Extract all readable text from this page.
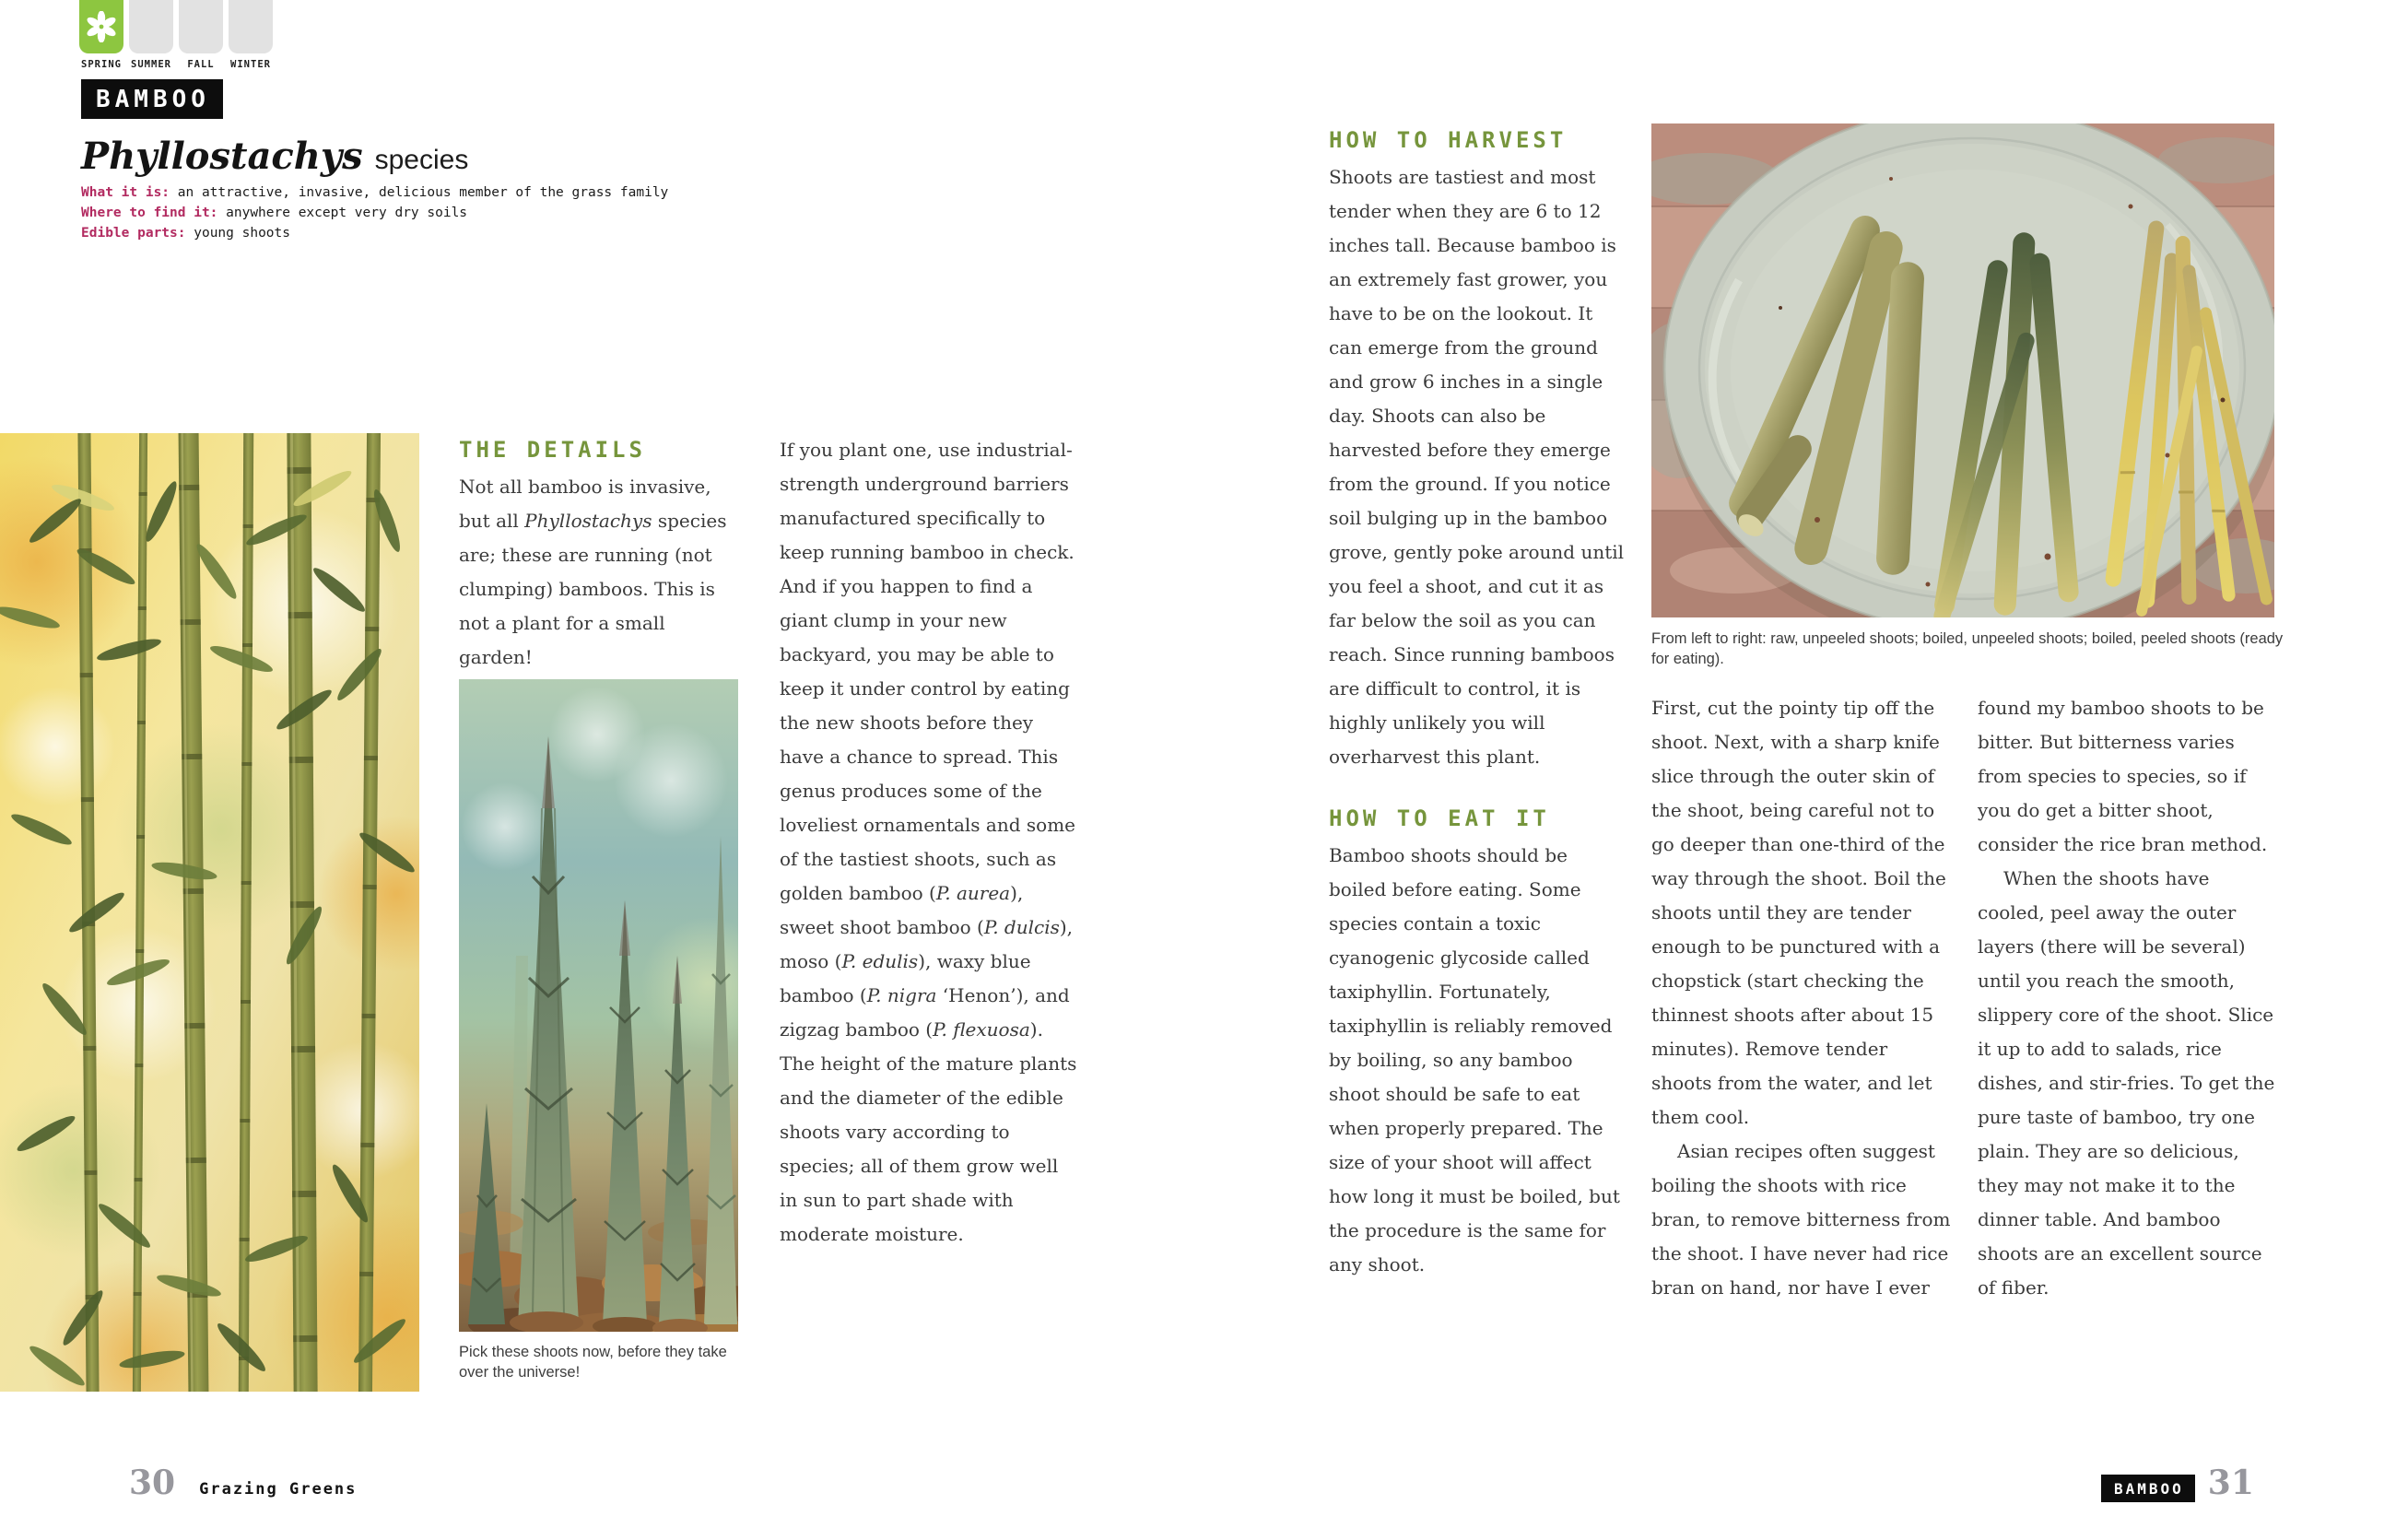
SPRING SUMMER FALL WINTER
BAMBOO
Phyllostachys species
What it is: an attractive, invasive, delicious member of the grass family
Where to find it: anywhere except very dry soils
Edible parts: young shoots
THE DETAILS

Not all bamboo is invasive, but all Phyllostachys species are; these are running (not clumping) bamboos. This is not a plant for a small garden!

Pick these shoots now, before they take over the universe!

If you plant one, use industrial-strength underground barriers manufactured specifically to keep running bamboo in check. And if you happen to find a giant clump in your new backyard, you may be able to keep it under control by eating the new shoots before they have a chance to spread. This genus produces some of the loveliest ornamentals and some of the tastiest shoots, such as golden bamboo (P. aurea), sweet shoot bamboo (P. dulcis), moso (P. edulis), waxy blue bamboo (P. nigra ‘Henon’), and zigzag bamboo (P. flexuosa). The height of the mature plants and the diameter of the edible shoots vary according to species; all of them grow well in sun to part shade with moderate moisture.

HOW TO HARVEST

Shoots are tastiest and most tender when they are 6 to 12 inches tall. Because bamboo is an extremely fast grower, you have to be on the lookout. It can emerge from the ground and grow 6 inches in a single day. Shoots can also be harvested before they emerge from the ground. If you notice soil bulging up in the bamboo grove, gently poke around until you feel a shoot, and cut it as far below the soil as you can reach. Since running bamboos are difficult to control, it is highly unlikely you will overharvest this plant.

HOW TO EAT IT

Bamboo shoots should be boiled before eating. Some species contain a toxic cyanogenic glycoside called taxiphyllin. Fortunately, taxiphyllin is reliably removed by boiling, so any bamboo shoot should be safe to eat when properly prepared. The size of your shoot will affect how long it must be boiled, but the procedure is the same for any shoot.

From left to right: raw, unpeeled shoots; boiled, unpeeled shoots; boiled, peeled shoots (ready for eating).

First, cut the pointy tip off the shoot. Next, with a sharp knife slice through the outer skin of the shoot, being careful not to go deeper than one-third of the way through the shoot. Boil the shoots until they are tender enough to be punctured with a chopstick (start checking the thinnest shoots after about 15 minutes). Remove tender shoots from the water, and let them cool.

Asian recipes often suggest boiling the shoots with rice bran, to remove bitterness from the shoot. I have never had rice bran on hand, nor have I ever

found my bamboo shoots to be bitter. But bitterness varies from species to species, so if you do get a bitter shoot, consider the rice bran method.

When the shoots have cooled, peel away the outer layers (there will be several) until you reach the smooth, slippery core of the shoot. Slice it up to add to salads, rice dishes, and stir-fries. To get the pure taste of bamboo, try one plain. They are so delicious, they may not make it to the dinner table. And bamboo shoots are an excellent source of fiber.

30 Grazing Greens	BAMBOO 31
